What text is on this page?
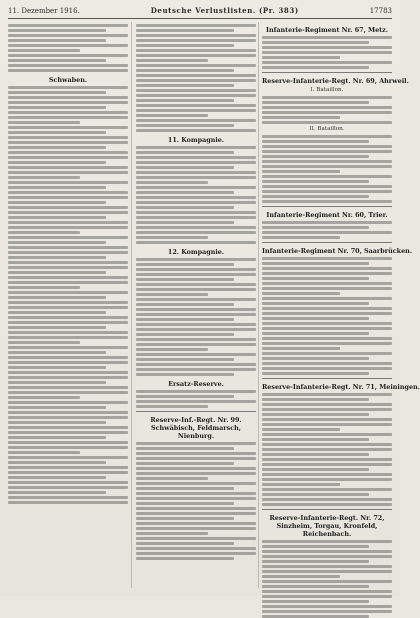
11. Dezember 1916.	Deutsche Verlustlisten. (Pr. 383)	17783
Schwaben.
11. Kompagnie.
12. Kompagnie.
Ersatz-Reserve.
Reserve-Inf.-Regt. Nr. 99. Schwäbisch, Feldmarsch, Nienburg.
Infanterie-Regiment Nr. 67, Metz.
Reserve-Infanterie-Regt. Nr. 69, Ahrweil.
I. Bataillon.
II. Bataillon.
Infanterie-Regiment Nr. 60, Trier.
Infanterie-Regiment Nr. 70, Saarbrücken.
Reserve-Infanterie-Regt. Nr. 71, Meiningen.
Reserve-Infanterie-Regt. Nr. 72, Sinzheim, Torgau, Kronfeld, Reichenbach.
